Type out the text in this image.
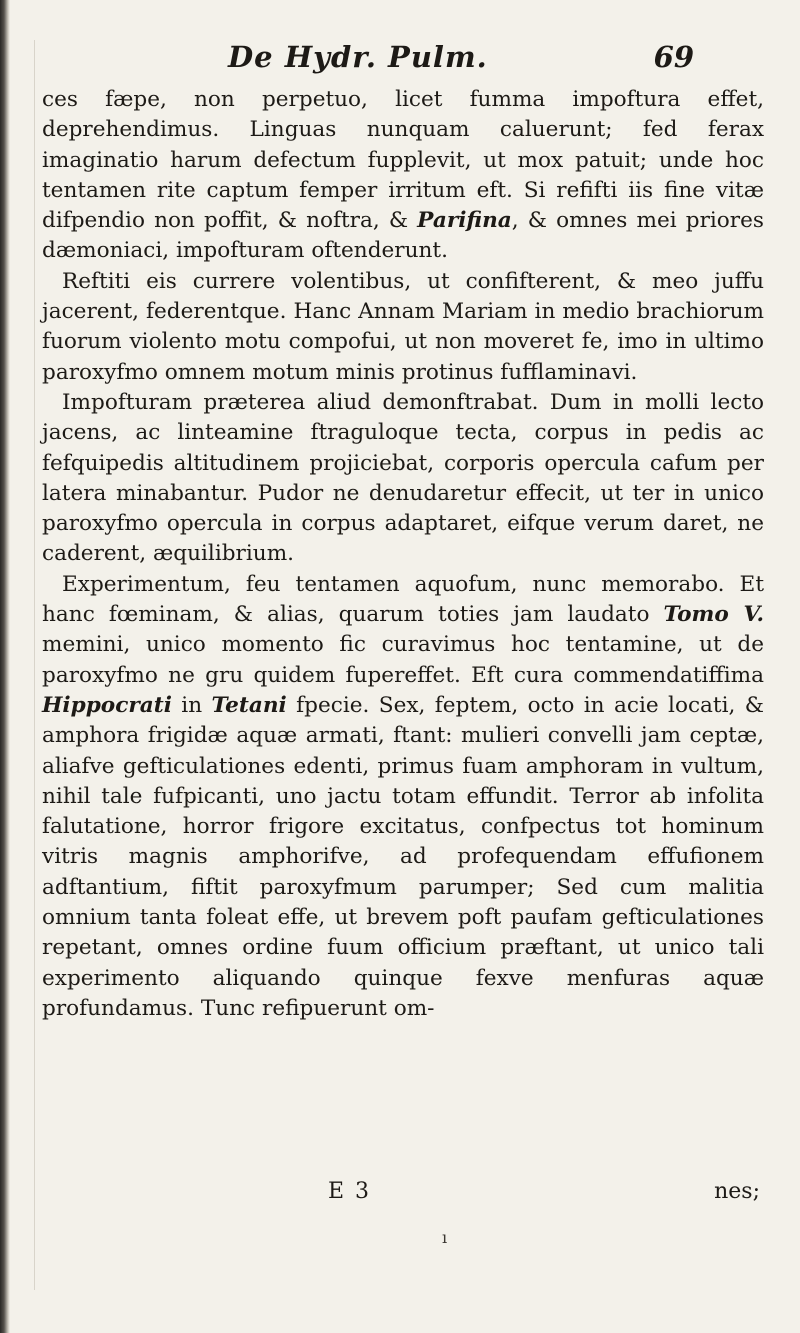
De Hydr. Pulm.	69

ces fæpe, non perpetuo, licet fumma impoftura effet, deprehendimus. Linguas nunquam caluerunt; fed ferax imaginatio harum defectum fupplevit, ut mox patuit; unde hoc tentamen rite captum femper irritum eft. Si refifti iis fine vitæ difpendio non poffit, & noftra, & Parifina, & omnes mei priores dæmoniaci, impofturam oftenderunt.

Reftiti eis currere volentibus, ut confifterent, & meo juffu jacerent, federentque. Hanc Annam Mariam in medio brachiorum fuorum violento motu compofui, ut non moveret fe, imo in ultimo paroxyfmo omnem motum minis protinus fufflaminavi.

Impofturam præterea aliud demonftrabat. Dum in molli lecto jacens, ac linteamine ftraguloque tecta, corpus in pedis ac fefquipedis altitudinem projiciebat, corporis opercula cafum per latera minabantur. Pudor ne denudaretur effecit, ut ter in unico paroxyfmo opercula in corpus adaptaret, eifque verum daret, ne caderent, æquilibrium.

Experimentum, feu tentamen aquofum, nunc memorabo. Et hanc fœminam, & alias, quarum toties jam laudato Tomo V. memini, unico momento fic curavimus hoc tentamine, ut de paroxyfmo ne gru quidem fupereffet. Eft cura commendatiffima Hippocrati in Tetani fpecie. Sex, feptem, octo in acie locati, & amphora frigidæ aquæ armati, ftant: mulieri convelli jam ceptæ, aliafve gefticulationes edenti, primus fuam amphoram in vultum, nihil tale fufpicanti, uno jactu totam effundit. Terror ab infolita falutatione, horror frigore excitatus, confpectus tot hominum vitris magnis amphorifve, ad profequendam effufionem adftantium, fiftit paroxyfmum parumper; Sed cum malitia omnium tanta foleat effe, ut brevem poft paufam gefticulationes repetant, omnes ordine fuum officium præftant, ut unico tali experimento aliquando quinque fexve menfuras aquæ profundamus. Tunc refipuerunt om-

E 3	nes;
ı
